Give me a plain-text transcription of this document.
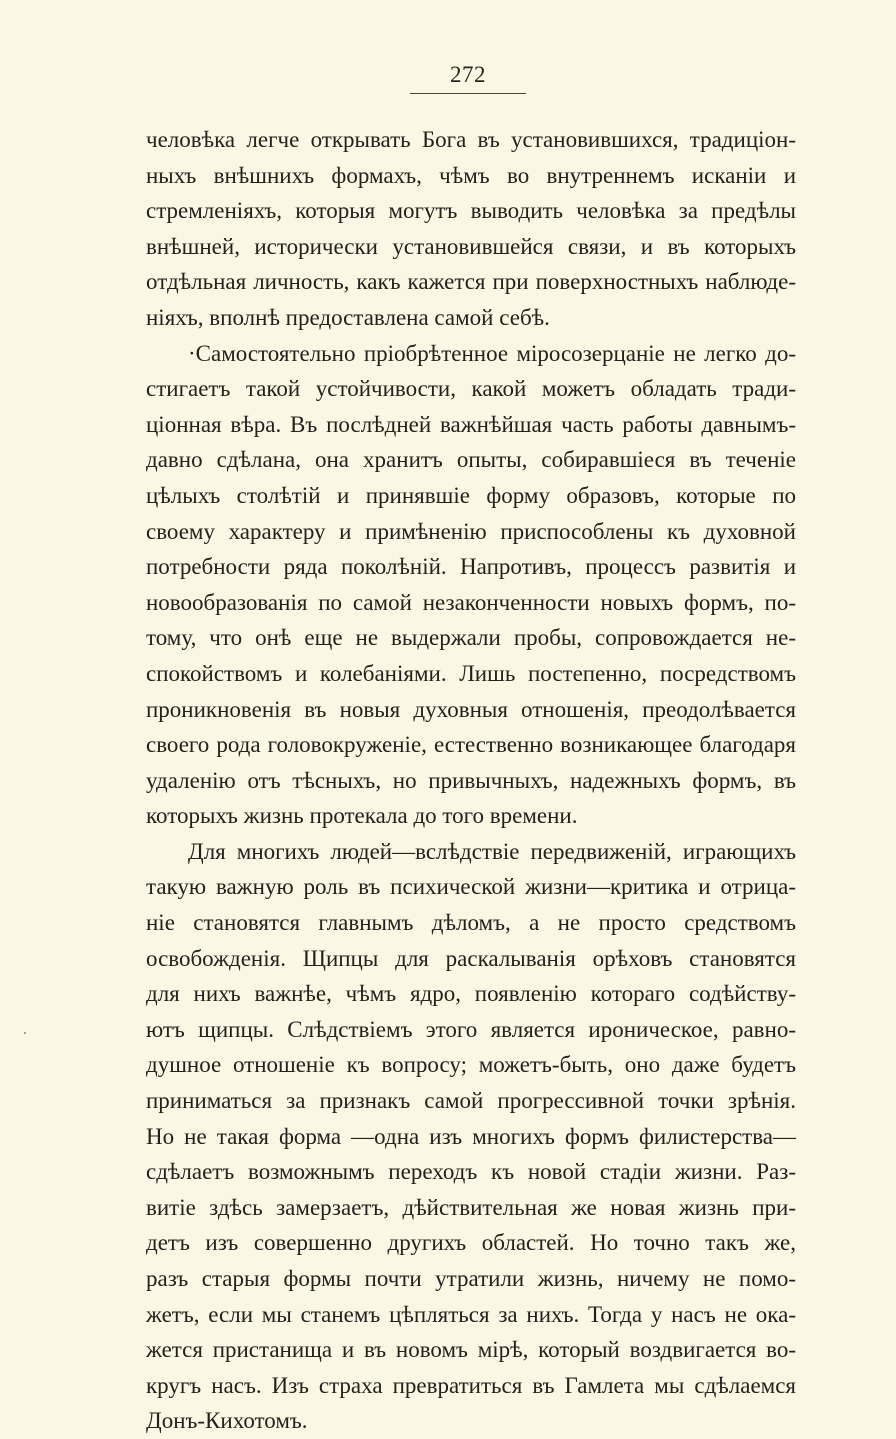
272
человѣка легче открывать Бога въ установившихся, традицiон-
ныхъ внѣшнихъ формахъ, чѣмъ во внутреннемъ исканiи и
стремленiяхъ, которыя могутъ выводить человѣка за предѣлы
внѣшней, исторически установившейся связи, и въ которыхъ
отдѣльная личность, какъ кажется при поверхностныхъ наблюде-
нiяхъ, вполнѣ предоставлена самой себѣ.
·Самостоятельно прiобрѣтенное мiросозерцанiе не легко до-
стигаетъ такой устойчивости, какой можетъ обладать тради-
цiонная вѣра. Въ послѣдней важнѣйшая часть работы давнымъ-
давно сдѣлана, она хранитъ опыты, собиравшiеся въ теченiе
цѣлыхъ столѣтiй и принявшiе форму образовъ, которые по
своему характеру и примѣненiю приспособлены къ духовной
потребности ряда поколѣнiй. Напротивъ, процессъ развитiя и
новообразованiя по самой незаконченности новыхъ формъ, по-
тому, что онѣ еще не выдержали пробы, сопровождается не-
спокойствомъ и колебанiями. Лишь постепенно, посредствомъ
проникновенiя въ новыя духовныя отношенiя, преодолѣвается
своего рода головокруженiе, естественно возникающее благодаря
удаленiю отъ тѣсныхъ, но привычныхъ, надежныхъ формъ, въ
которыхъ жизнь протекала до того времени.
Для многихъ людей—вслѣдствiе передвиженiй, играющихъ
такую важную роль въ психической жизни—критика и отрица-
нiе становятся главнымъ дѣломъ, а не просто средствомъ
освобожденiя. Щипцы для раскалыванiя орѣховъ становятся
для нихъ важнѣе, чѣмъ ядро, появленiю котораго содѣйству-
ютъ щипцы. Слѣдствiемъ этого является ироническое, равно-
душное отношенiе къ вопросу; можетъ-быть, оно даже будетъ
приниматься за признакъ самой прогрессивной точки зрѣнiя.
Но не такая форма —одна изъ многихъ формъ филистерства—
сдѣлаетъ возможнымъ переходъ къ новой стадiи жизни. Раз-
витiе здѣсь замерзаетъ, дѣйствительная же новая жизнь при-
детъ изъ совершенно другихъ областей. Но точно такъ же,
разъ старыя формы почти утратили жизнь, ничему не помо-
жетъ, если мы станемъ цѣпляться за нихъ. Тогда у насъ не ока-
жется пристанища и въ новомъ мiрѣ, который воздвигается во-
кругъ насъ. Изъ страха превратиться въ Гамлета мы сдѣлаемся
Донъ-Кихотомъ.
